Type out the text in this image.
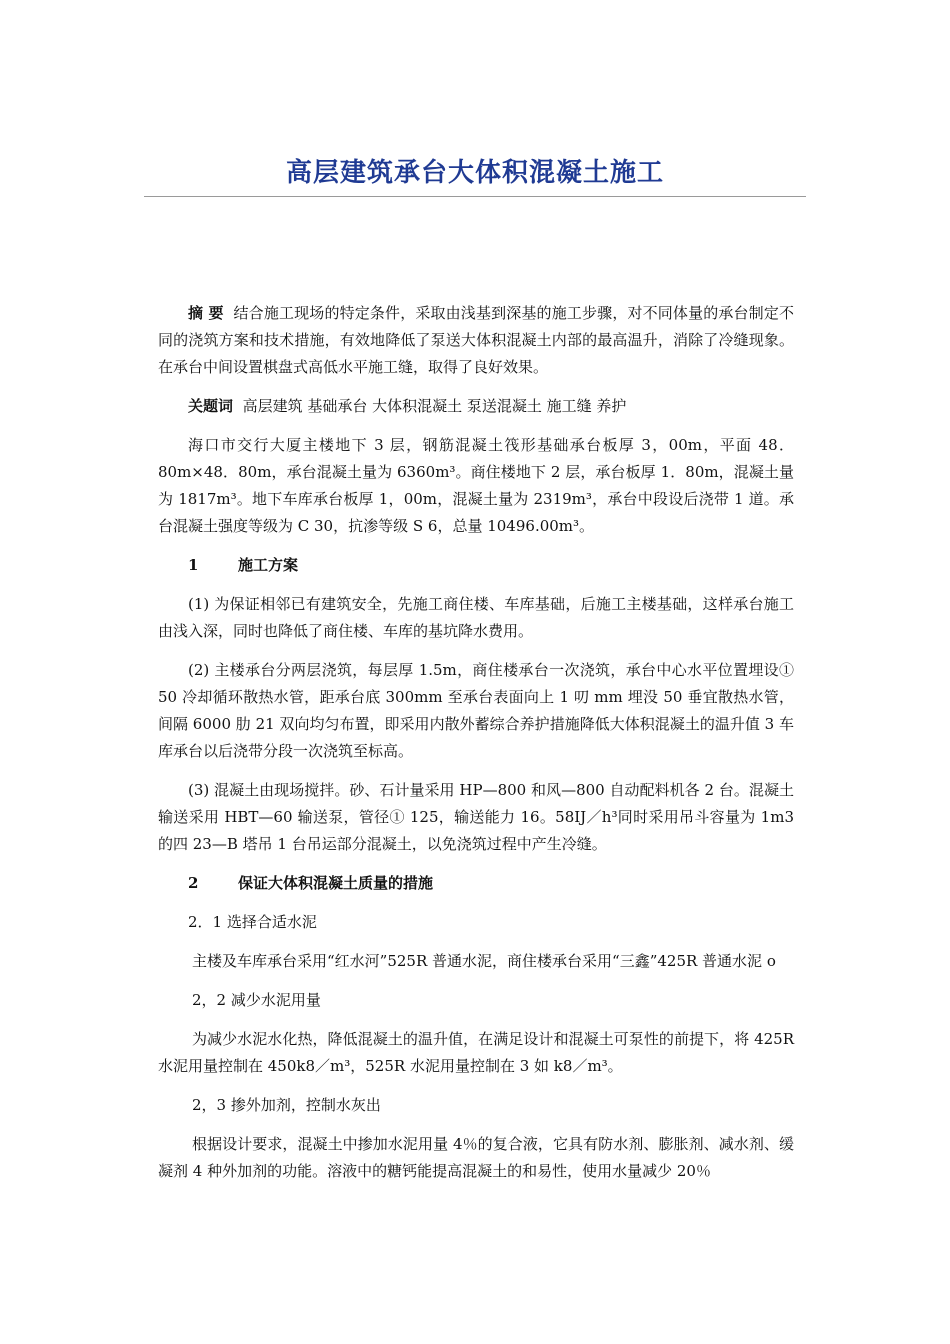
高层建筑承台大体积混凝土施工

摘 要 结合施工现场的特定条件，采取由浅基到深基的施工步骤，对不同体量的承台制定不同的浇筑方案和技术措施，有效地降低了泵送大体积混凝土内部的最高温升，消除了冷缝现象。在承台中间设置棋盘式高低水平施工缝，取得了良好效果。

关题词 高层建筑 基础承台 大体积混凝土 泵送混凝土 施工缝 养护

海口市交行大厦主楼地下 3 层，钢筋混凝土筏形基础承台板厚 3，00m，平面 48．80m×48．80m，承台混凝土量为 6360m³。商住楼地下 2 层，承台板厚 1．80m，混凝土量为 1817m³。地下车库承台板厚 1，00m，混凝土量为 2319m³，承台中段设后浇带 1 道。承台混凝土强度等级为 C 30，抗渗等级 S 6，总量 10496.00m³。

1	施工方案

(1) 为保证相邻已有建筑安全，先施工商住楼、车库基础，后施工主楼基础，这样承台施工由浅入深，同时也降低了商住楼、车库的基坑降水费用。

(2) 主楼承台分两层浇筑，每层厚 1.5m，商住楼承台一次浇筑，承台中心水平位置埋设① 50 冷却循环散热水管，距承台底 300mm 至承台表面向上 1 叨 mm 埋没 50 垂宜散热水管，间隔 6000 肋 21 双向均匀布置，即采用内散外蓄综合养护措施降低大体积混凝土的温升值 3 车库承台以后浇带分段一次浇筑至标高。

(3) 混凝土由现场搅拌。砂、石计量采用 HP—800 和风—800 自动配料机各 2 台。混凝土输送采用 HBT—60 输送泵，管径① 125，输送能力 16。58IJ／h³同时采用吊斗容量为 1m3 的四 23—B 塔吊 1 台吊运部分混凝土，以免浇筑过程中产生冷缝。

2	保证大体积混凝土质量的措施
2．1 选择合适水泥

主楼及车库承台采用“红水河”525R 普通水泥，商住楼承台采用“三鑫”425R 普通水泥 o

2，2 减少水泥用量

为减少水泥水化热，降低混凝土的温升值，在满足设计和混凝土可泵性的前提下，将 425R 水泥用量控制在 450k8／m³，525R 水泥用量控制在 3 如 k8／m³。

2，3 掺外加剂，控制水灰出

根据设计要求，混凝土中掺加水泥用量 4％的复合液，它具有防水剂、膨胀剂、减水剂、缓凝剂 4 种外加剂的功能。溶液中的糖钙能提高混凝土的和易性，使用水量减少 20％
